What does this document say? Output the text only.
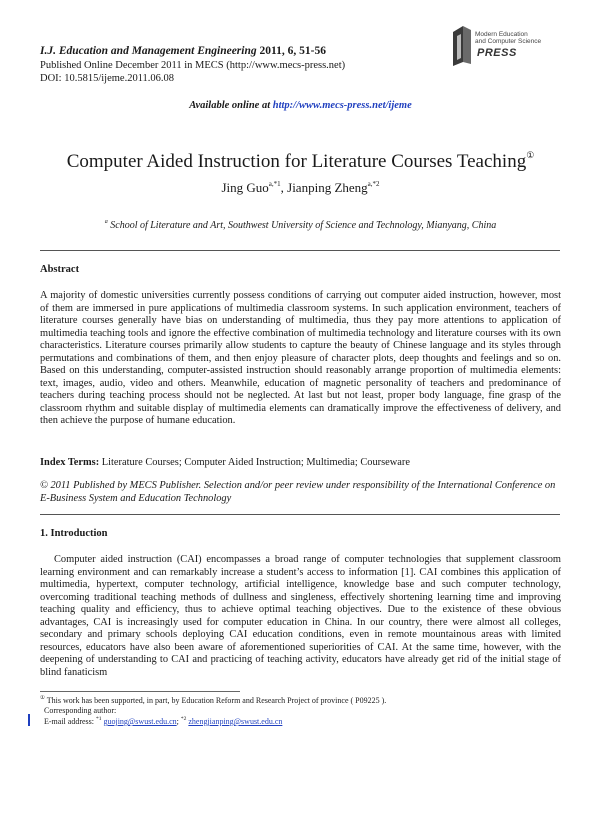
I.J. Education and Management Engineering 2011, 6, 51-56
Published Online December 2011 in MECS (http://www.mecs-press.net)
DOI: 10.5815/ijeme.2011.06.08
Modern Education
and Computer Science
PRESS
Available online at http://www.mecs-press.net/ijeme
Computer Aided Instruction for Literature Courses Teaching①
Jing Guo$^{a,*1}$, Jianping Zheng$^{a,*2}$
$^a$ School of Literature and Art, Southwest University of Science and Technology, Mianyang, China
Abstract
A majority of domestic universities currently possess conditions of carrying out computer aided instruction, however, most of them are immersed in pure applications of multimedia classroom systems. In such application environment, teachers of literature courses generally have bias on understanding of multimedia, thus they pay more attentions to application of multimedia teaching tools and ignore the effective combination of multimedia technology and literature courses with its own characteristics. Literature courses primarily allow students to capture the beauty of Chinese language and its styles through permutations and combinations of them, and then enjoy pleasure of character plots, deep thoughts and feelings and so on. Based on this understanding, computer-assisted instruction should reasonably arrange proportion of multimedia elements: text, images, audio, video and others. Meanwhile, education of magnetic personality of teachers and predominance of teachers during teaching process should not be neglected. At last but not least, proper body language, fine grasp of the classroom rhythm and suitable display of multimedia elements can dramatically improve the effectiveness of delivery, and then achieve the purpose of humane education.
Index Terms: Literature Courses; Computer Aided Instruction; Multimedia; Courseware
© 2011 Published by MECS Publisher. Selection and/or peer review under responsibility of the International Conference on E-Business System and Education Technology
1. Introduction
Computer aided instruction (CAI) encompasses a broad range of computer technologies that supplement classroom learning environment and can remarkably increase a student’s access to information [1]. CAI combines this application of multimedia, hypertext, computer technology, artificial intelligence, knowledge base and such computer technology, overcoming traditional teaching methods of dullness and singleness, effectively shortening learning time and improving teaching quality and efficiency, thus to achieve optimal teaching objectives. Due to the existence of these obvious advantages, CAI is increasingly used for computer education in China. In our country, there were almost all colleges, secondary and primary schools deploying CAI education conditions, even in remote mountainous areas with limited resources, educators have also been aware of aforementioned superiorities of CAI. At the same time, however, with the deepening of understanding to CAI and practicing of teaching activity, educators have already get rid of the initial stage of blind fanaticism
① This work has been supported, in part, by Education Reform and Research Project of province ( P09225 ).
Corresponding author:
E-mail address: $^{*1}$ guojing@swust.edu.cn; $^{*2}$ zhengjianping@swust.edu.cn
